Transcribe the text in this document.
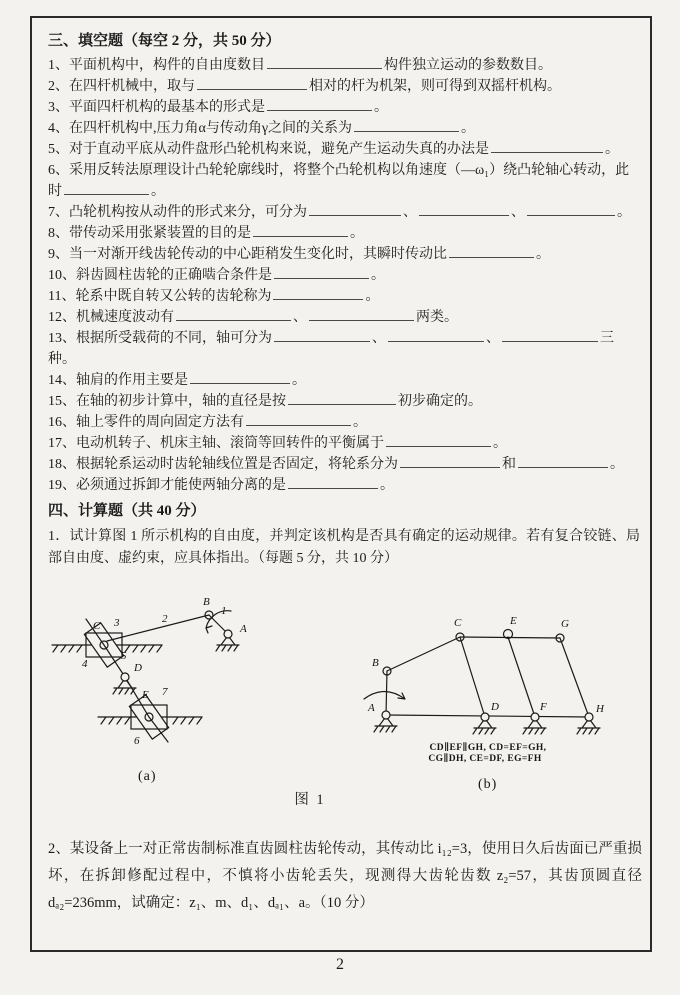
三、填空题（每空 2 分，共 50 分）
1、平面机构中，构件的自由度数目	构件独立运动的参数数目。
2、在四杆机械中，取与	相对的杆为机架，则可得到双摇杆机构。
3、平面四杆机构的最基本的形式是	。
4、在四杆机构中,压力角α与传动角γ之间的关系为	。
5、对于直动平底从动件盘形凸轮机构来说，避免产生运动失真的办法是	。
6、采用反转法原理设计凸轮轮廓线时，将整个凸轮机构以角速度（—ω₁）绕凸轮轴心转动，此时	。
7、凸轮机构按从动件的形式来分，可分为	、	、	。
8、带传动采用张紧装置的目的是	。
9、当一对渐开线齿轮传动的中心距稍发生变化时，其瞬时传动比	。
10、斜齿圆柱齿轮的正确啮合条件是	。
11、轮系中既自转又公转的齿轮称为	。
12、机械速度波动有	、	两类。
13、根据所受载荷的不同，轴可分为	、	、	三种。
14、轴肩的作用主要是	。
15、在轴的初步计算中，轴的直径是按	初步确定的。
16、轴上零件的周向固定方法有	。
17、电动机转子、机床主轴、滚筒等回转件的平衡属于	。
18、根据轮系运动时齿轮轴线位置是否固定，将轮系分为	和	。
19、必须通过拆卸才能使两轴分离的是	。
四、计算题（共 40 分）
1．试计算图 1 所示机构的自由度，并判定该机构是否具有确定的运动规律。若有复合铰链、局部自由度、虚约束，应具体指出。（每题 5 分，共 10 分）
B
1
A
2
C 3
4
5
D
E 7
6
(a)
A
B
C	E	G
D	F	H
CD∥EF∥GH, CD=EF=GH,
CG∥DH, CE=DF, EG=FH
(b)
图 1
2、某设备上一对正常齿制标准直齿圆柱齿轮传动，其传动比 i₁₂=3，使用日久后齿面已严重损坏，在拆卸修配过程中，不慎将小齿轮丢失，现测得大齿轮齿数 z₂=57，其齿顶圆直径 dₐ₂=236mm，试确定：z₁、m、d₁、dₐ₁、a。（10 分）
2
